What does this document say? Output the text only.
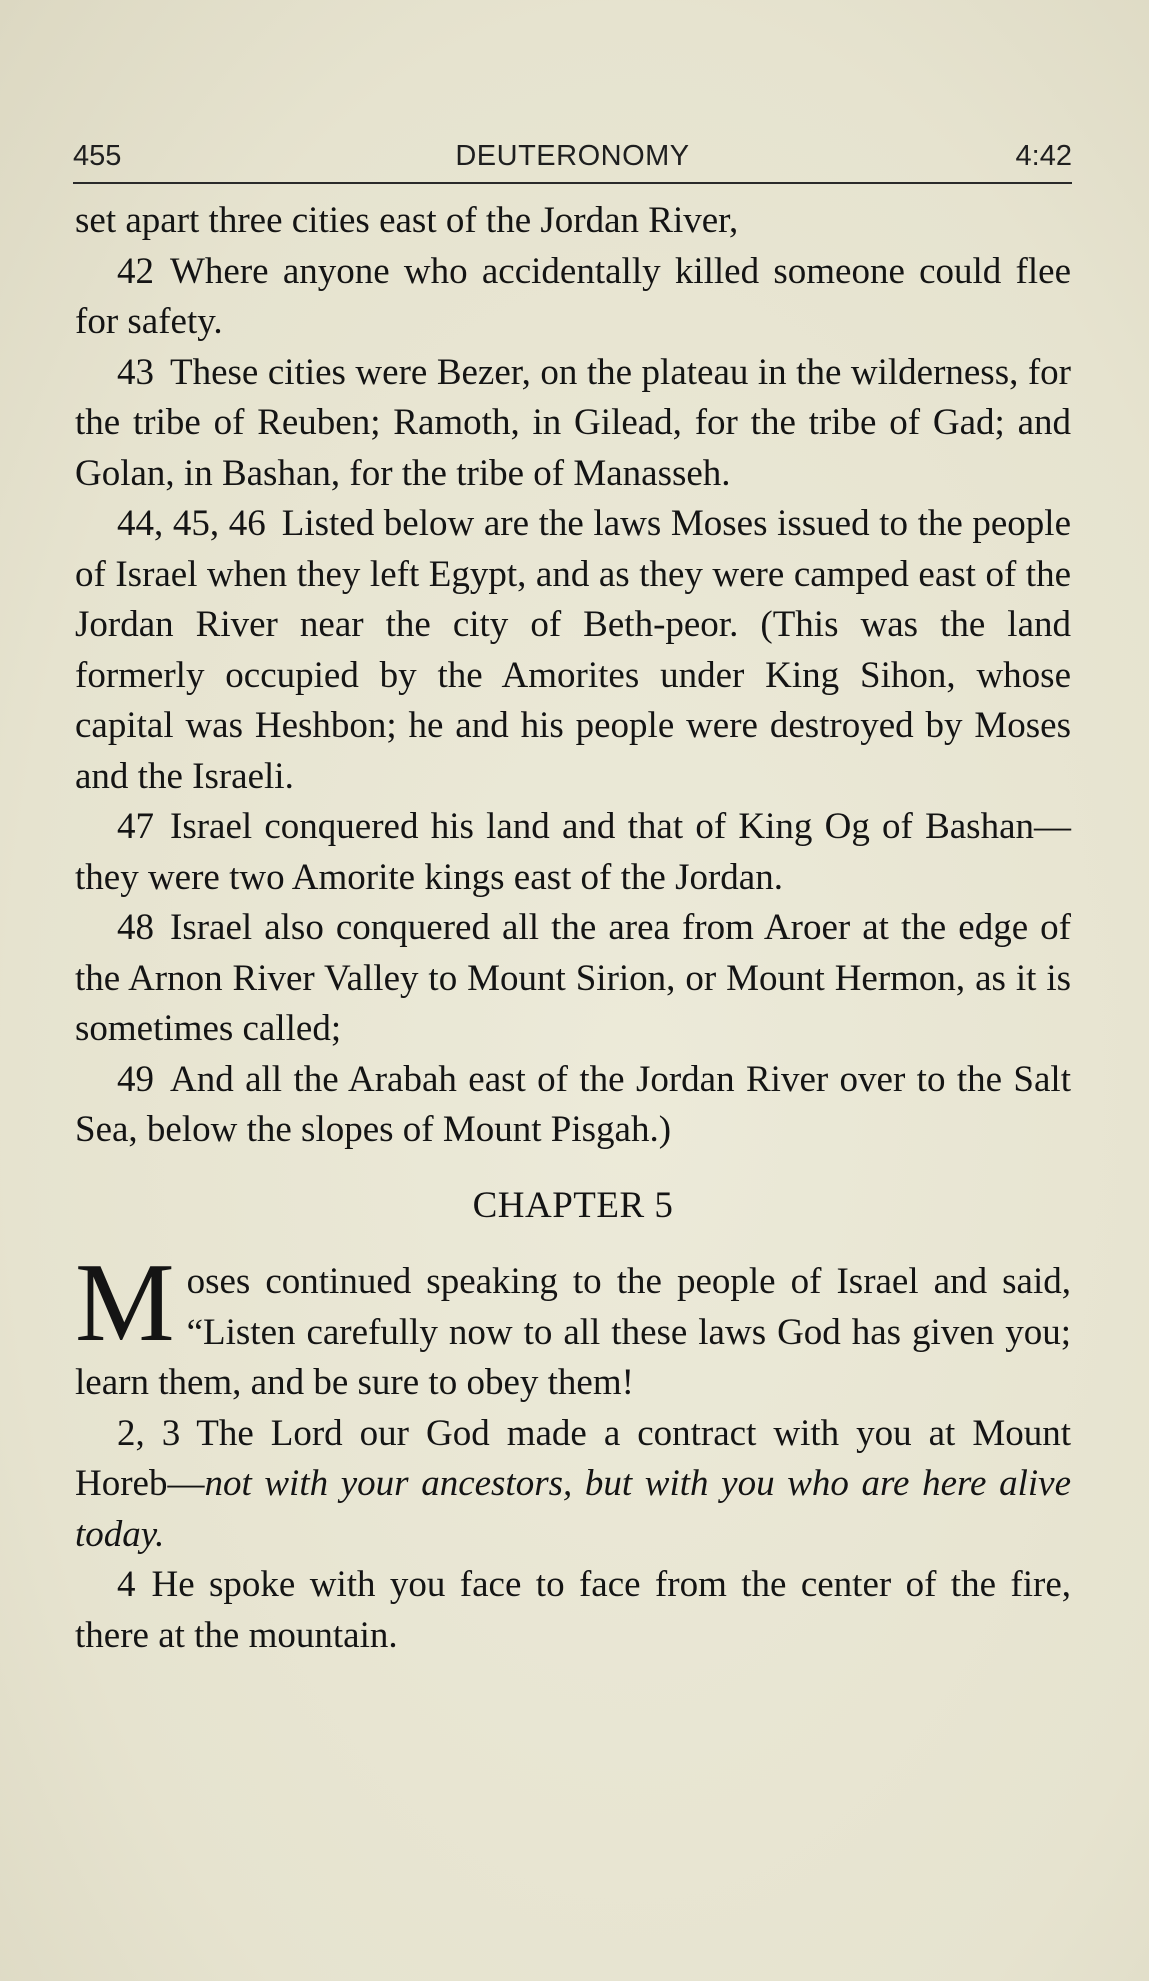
DEUTERONOMY
455	4:42

set apart three cities east of the Jordan River,

42 Where anyone who accidentally killed someone could flee for safety.

43 These cities were Bezer, on the plateau in the wilderness, for the tribe of Reuben; Ramoth, in Gilead, for the tribe of Gad; and Golan, in Bashan, for the tribe of Manasseh.

44, 45, 46 Listed below are the laws Moses issued to the people of Israel when they left Egypt, and as they were camped east of the Jordan River near the city of Beth-peor. (This was the land formerly occupied by the Amorites under King Sihon, whose capital was Heshbon; he and his people were destroyed by Moses and the Israeli.

47 Israel conquered his land and that of King Og of Bashan—they were two Amorite kings east of the Jordan.

48 Israel also conquered all the area from Aroer at the edge of the Arnon River Valley to Mount Sirion, or Mount Hermon, as it is sometimes called;

49 And all the Arabah east of the Jordan River over to the Salt Sea, below the slopes of Mount Pisgah.)

CHAPTER 5

Moses continued speaking to the people of Israel and said, “Listen carefully now to all these laws God has given you; learn them, and be sure to obey them!

2, 3 The Lord our God made a contract with you at Mount Horeb—not with your ancestors, but with you who are here alive today.

4 He spoke with you face to face from the center of the fire, there at the mountain.
